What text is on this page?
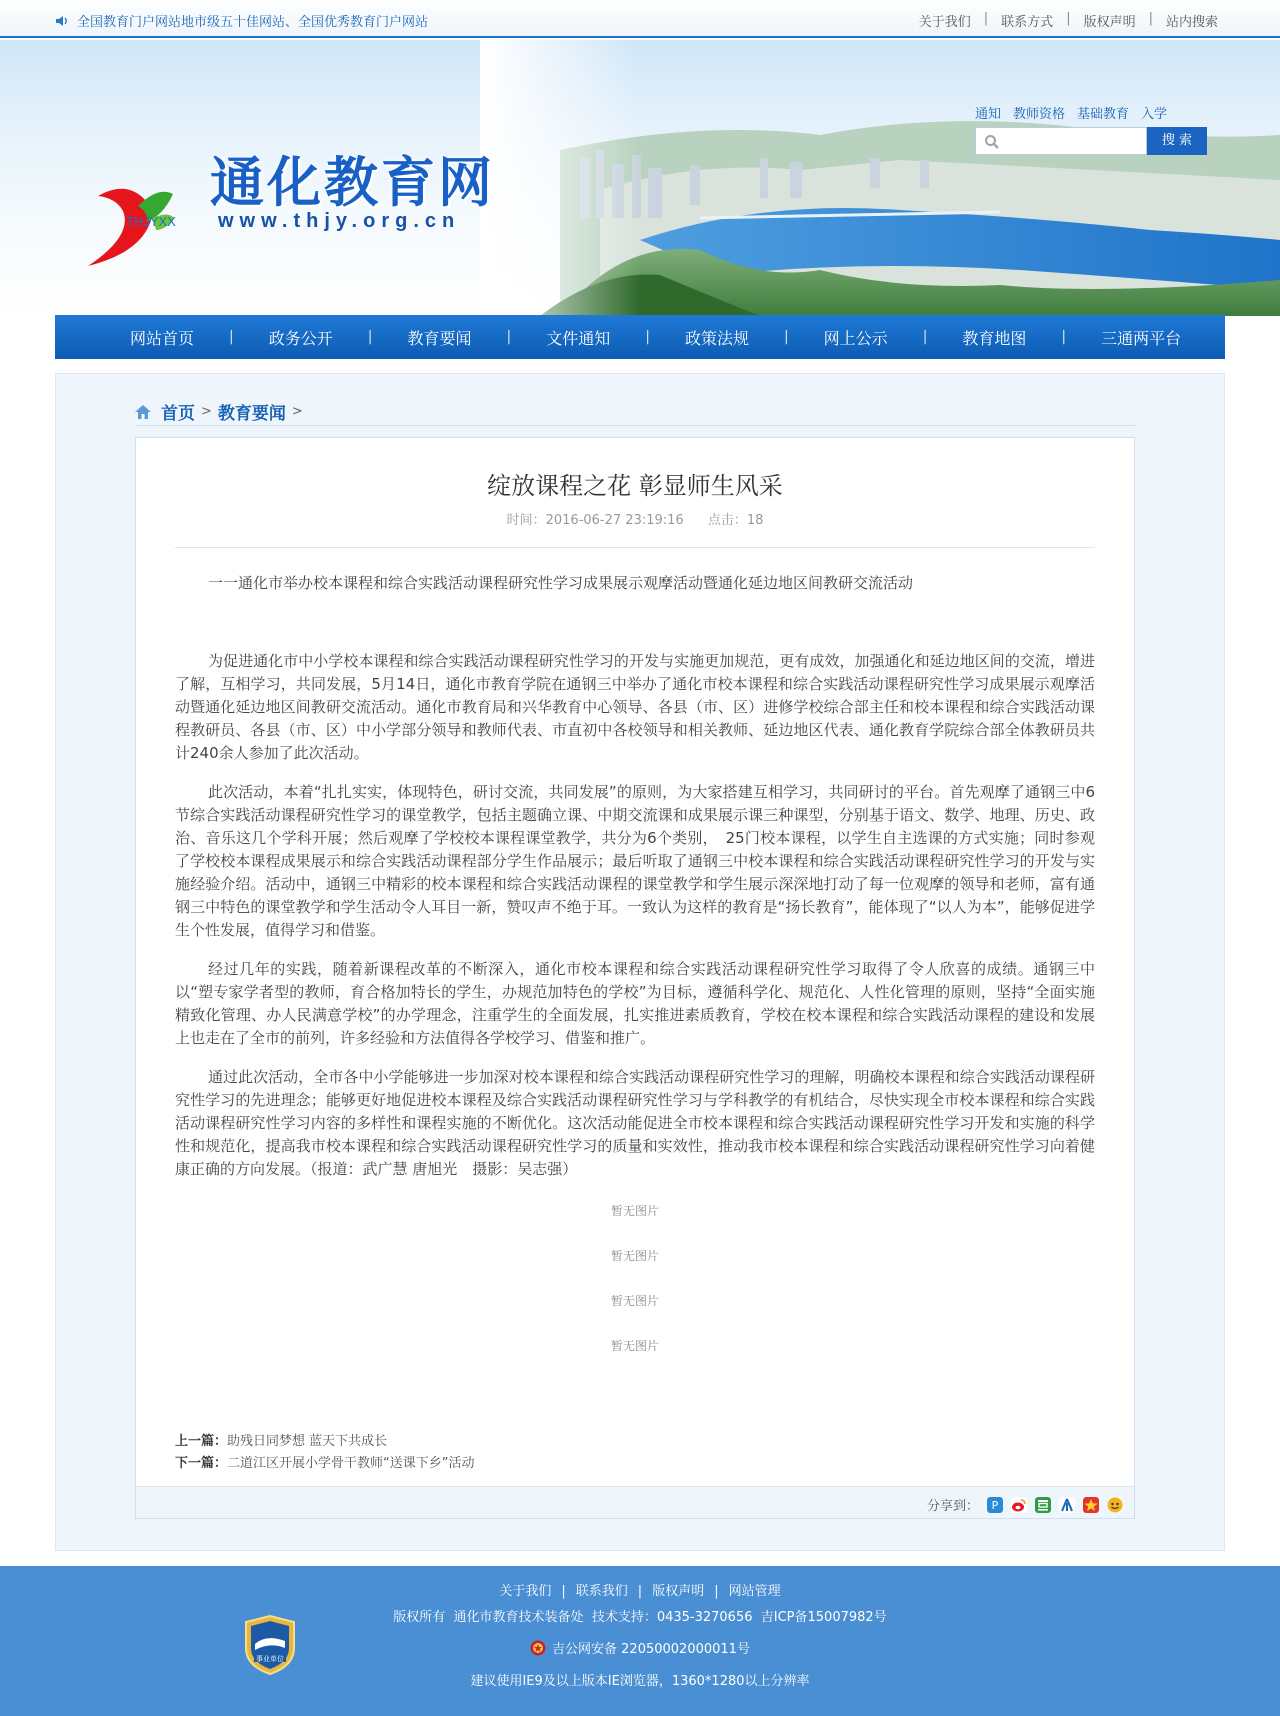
全国教育门户网站地市级五十佳网站、全国优秀教育门户网站	关于我们 | 联系方式 | 版权声明 | 站内搜索
THJYXX
通化教育网
www.thjy.org.cn
通知 教师资格 基础教育 入学
搜 索
网站首页	| 政务公开	| 教育要闻	| 文件通知	| 政策法规	| 网上公示	| 教育地图	| 三通两平台
首页 > 教育要闻 >
绽放课程之花 彰显师生风采
时间：2016-06-27 23:19:16 点击：18
一一通化市举办校本课程和综合实践活动课程研究性学习成果展示观摩活动暨通化延边地区间教研交流活动
为促进通化市中小学校本课程和综合实践活动课程研究性学习的开发与实施更加规范，更有成效，加强通化和延边地区间的交流，增进了解，互相学习，共同发展，5月14日，通化市教育学院在通钢三中举办了通化市校本课程和综合实践活动课程研究性学习成果展示观摩活动暨通化延边地区间教研交流活动。通化市教育局和兴华教育中心领导、各县（市、区）进修学校综合部主任和校本课程和综合实践活动课程教研员、各县（市、区）中小学部分领导和教师代表、市直初中各校领导和相关教师、延边地区代表、通化教育学院综合部全体教研员共计240余人参加了此次活动。
此次活动，本着“扎扎实实，体现特色，研讨交流，共同发展”的原则，为大家搭建互相学习，共同研讨的平台。首先观摩了通钢三中6节综合实践活动课程研究性学习的课堂教学，包括主题确立课、中期交流课和成果展示课三种课型，分别基于语文、数学、地理、历史、政治、音乐这几个学科开展；然后观摩了学校校本课程课堂教学，共分为6个类别，　25门校本课程，以学生自主选课的方式实施；同时参观了学校校本课程成果展示和综合实践活动课程部分学生作品展示；最后听取了通钢三中校本课程和综合实践活动课程研究性学习的开发与实施经验介绍。活动中，通钢三中精彩的校本课程和综合实践活动课程的课堂教学和学生展示深深地打动了每一位观摩的领导和老师，富有通钢三中特色的课堂教学和学生活动令人耳目一新，赞叹声不绝于耳。一致认为这样的教育是“扬长教育”，能体现了“以人为本”，能够促进学生个性发展，值得学习和借鉴。
经过几年的实践，随着新课程改革的不断深入，通化市校本课程和综合实践活动课程研究性学习取得了令人欣喜的成绩。通钢三中以“塑专家学者型的教师，育合格加特长的学生，办规范加特色的学校”为目标，遵循科学化、规范化、人性化管理的原则，坚持“全面实施精致化管理、办人民满意学校”的办学理念，注重学生的全面发展，扎实推进素质教育，学校在校本课程和综合实践活动课程的建设和发展上也走在了全市的前列，许多经验和方法值得各学校学习、借鉴和推广。
通过此次活动，全市各中小学能够进一步加深对校本课程和综合实践活动课程研究性学习的理解，明确校本课程和综合实践活动课程研究性学习的先进理念；能够更好地促进校本课程及综合实践活动课程研究性学习与学科教学的有机结合，尽快实现全市校本课程和综合实践活动课程研究性学习内容的多样性和课程实施的不断优化。这次活动能促进全市校本课程和综合实践活动课程研究性学习开发和实施的科学性和规范化，提高我市校本课程和综合实践活动课程研究性学习的质量和实效性，推动我市校本课程和综合实践活动课程研究性学习向着健康正确的方向发展。（报道：武广慧 唐旭光　摄影：吴志强）
暂无图片
暂无图片
暂无图片
暂无图片
上一篇：助残日同梦想 蓝天下共成长
下一篇：二道江区开展小学骨干教师“送课下乡”活动
分享到： P
事业单位
关于我们 | 联系我们 | 版权声明 | 网站管理
版权所有  通化市教育技术装备处  技术支持：0435-3270656  吉ICP备15007982号
吉公网安备 22050002000011号
建议使用IE9及以上版本IE浏览器，1360*1280以上分辨率
